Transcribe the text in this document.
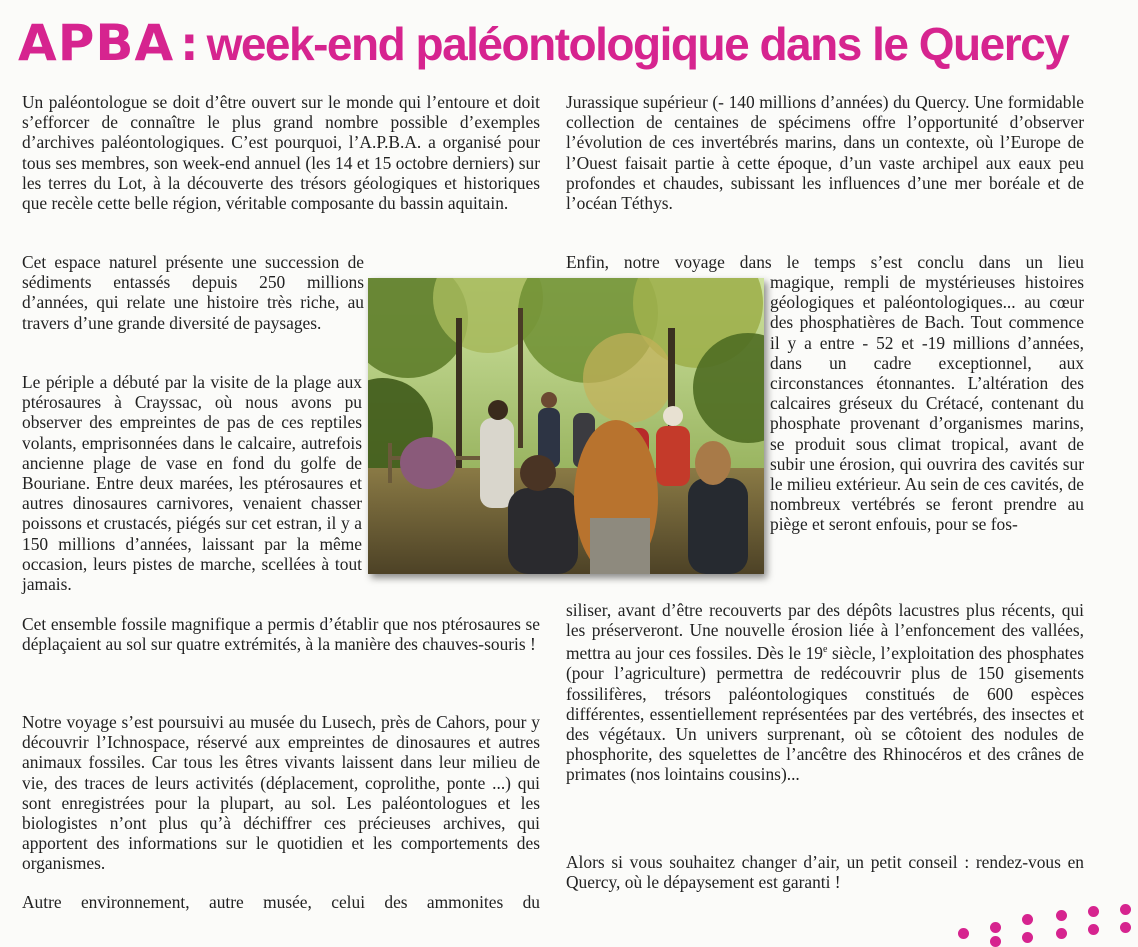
APBA : week-end paléontologique dans le Quercy

Un paléontologue se doit d’être ouvert sur le monde qui l’entoure et doit s’efforcer de connaître le plus grand nombre possible d’exemples d’archives paléontologiques. C’est pourquoi, l’A.P.B.A. a organisé pour tous ses membres, son week-end annuel (les 14 et 15 octobre derniers) sur les terres du Lot, à la découverte des trésors géologiques et historiques que recèle cette belle région, véritable composante du bassin aquitain.

Cet espace naturel présente une succession de sédiments entassés depuis 250 millions d’années, qui relate une histoire très riche, au travers d’une grande diversité de paysages.

Le périple a débuté par la visite de la plage aux ptérosaures à Crayssac, où nous avons pu observer des empreintes de pas de ces reptiles volants, emprisonnées dans le calcaire, autrefois ancienne plage de vase en fond du golfe de Bouriane. Entre deux marées, les ptérosaures et autres dinosaures carnivores, venaient chasser poissons et crustacés, piégés sur cet estran, il y a 150 millions d’années, laissant par la même occasion, leurs pistes de marche, scellées à tout jamais.

Cet ensemble fossile magnifique a permis d’établir que nos ptérosaures se déplaçaient au sol sur quatre extrémités, à la manière des chauves-souris !

Notre voyage s’est poursuivi au musée du Lusech, près de Cahors, pour y découvrir l’Ichnospace, réservé aux empreintes de dinosaures et autres animaux fossiles. Car tous les êtres vivants laissent dans leur milieu de vie, des traces de leurs activités (déplacement, coprolithe, ponte ...) qui sont enregistrées pour la plupart, au sol. Les paléontologues et les biologistes n’ont plus qu’à déchiffrer ces précieuses archives, qui apportent des informations sur le quotidien et les comportements des organismes.

Autre environnement, autre musée, celui des ammonites du

Jurassique supérieur (- 140 millions d’années) du Quercy. Une formidable collection de centaines de spécimens offre l’opportunité d’observer l’évolution de ces invertébrés marins, dans un contexte, où l’Europe de l’Ouest faisait partie à cette époque, d’un vaste archipel aux eaux peu profondes et chaudes, subissant les influences d’une mer boréale et de l’océan Téthys.

Enfin, notre voyage dans le temps s’est conclu dans un lieu

magique, rempli de mystérieuses histoires géologiques et paléontologiques... au cœur des phosphatières de Bach. Tout commence il y a entre - 52 et -19 millions d’années, dans un cadre exceptionnel, aux circonstances étonnantes. L’altération des calcaires gréseux du Crétacé, contenant du phosphate provenant d’organismes marins, se produit sous climat tropical, avant de subir une érosion, qui ouvrira des cavités sur le milieu extérieur. Au sein de ces cavités, de nombreux vertébrés se feront prendre au piège et seront enfouis, pour se fos-

siliser, avant d’être recouverts par des dépôts lacustres plus récents, qui les préserveront. Une nouvelle érosion liée à l’enfoncement des vallées, mettra au jour ces fossiles. Dès le 19e siècle, l’exploitation des phosphates (pour l’agriculture) permettra de redécouvrir plus de 150 gisements fossilifères, trésors paléontologiques constitués de 600 espèces différentes, essentiellement représentées par des vertébrés, des insectes et des végétaux. Un univers surprenant, où se côtoient des nodules de phosphorite, des squelettes de l’ancêtre des Rhinocéros et des crânes de primates (nos lointains cousins)...

Alors si vous souhaitez changer d’air, un petit conseil : rendez-vous en Quercy, où le dépaysement est garanti !
